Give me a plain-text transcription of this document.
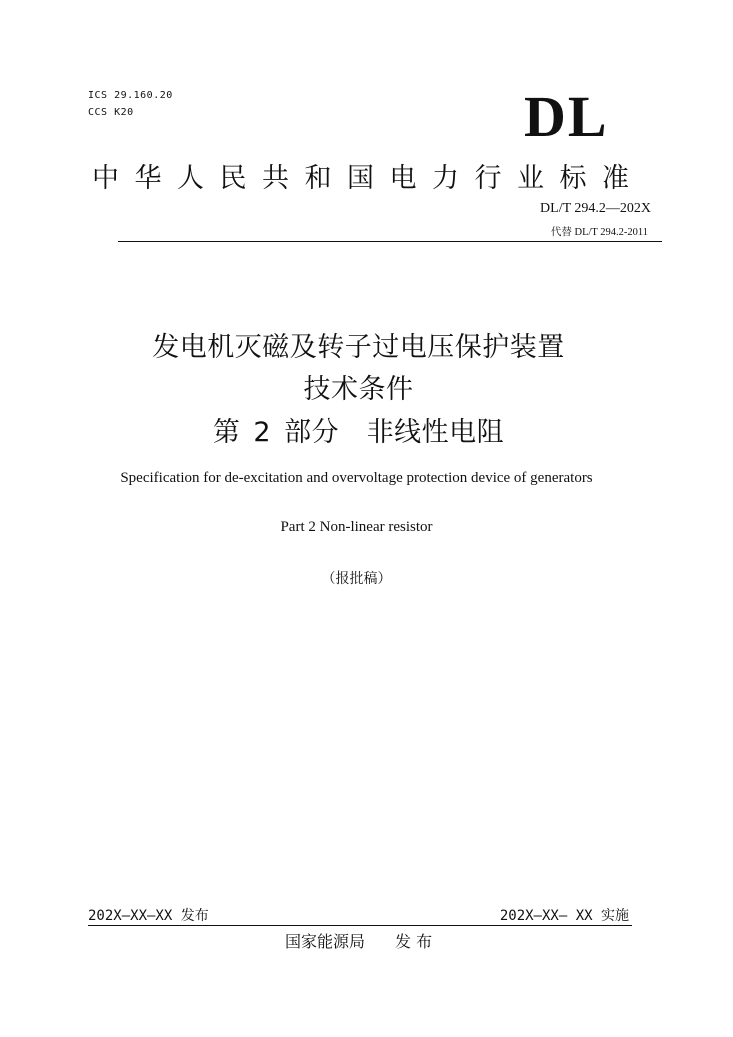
ICS 29.160.20
CCS K20	DL
中华人民共和国电力行业标准
DL/T 294.2—202X
代替 DL/T 294.2-2011
发电机灭磁及转子过电压保护装置
技术条件
第 2 部分　非线性电阻
Specification for de-excitation and overvoltage protection device of generators
Part 2 Non-linear resistor
（报批稿）
202X–XX–XX 发布	202X–XX– XX 实施
国家能源局 发 布
